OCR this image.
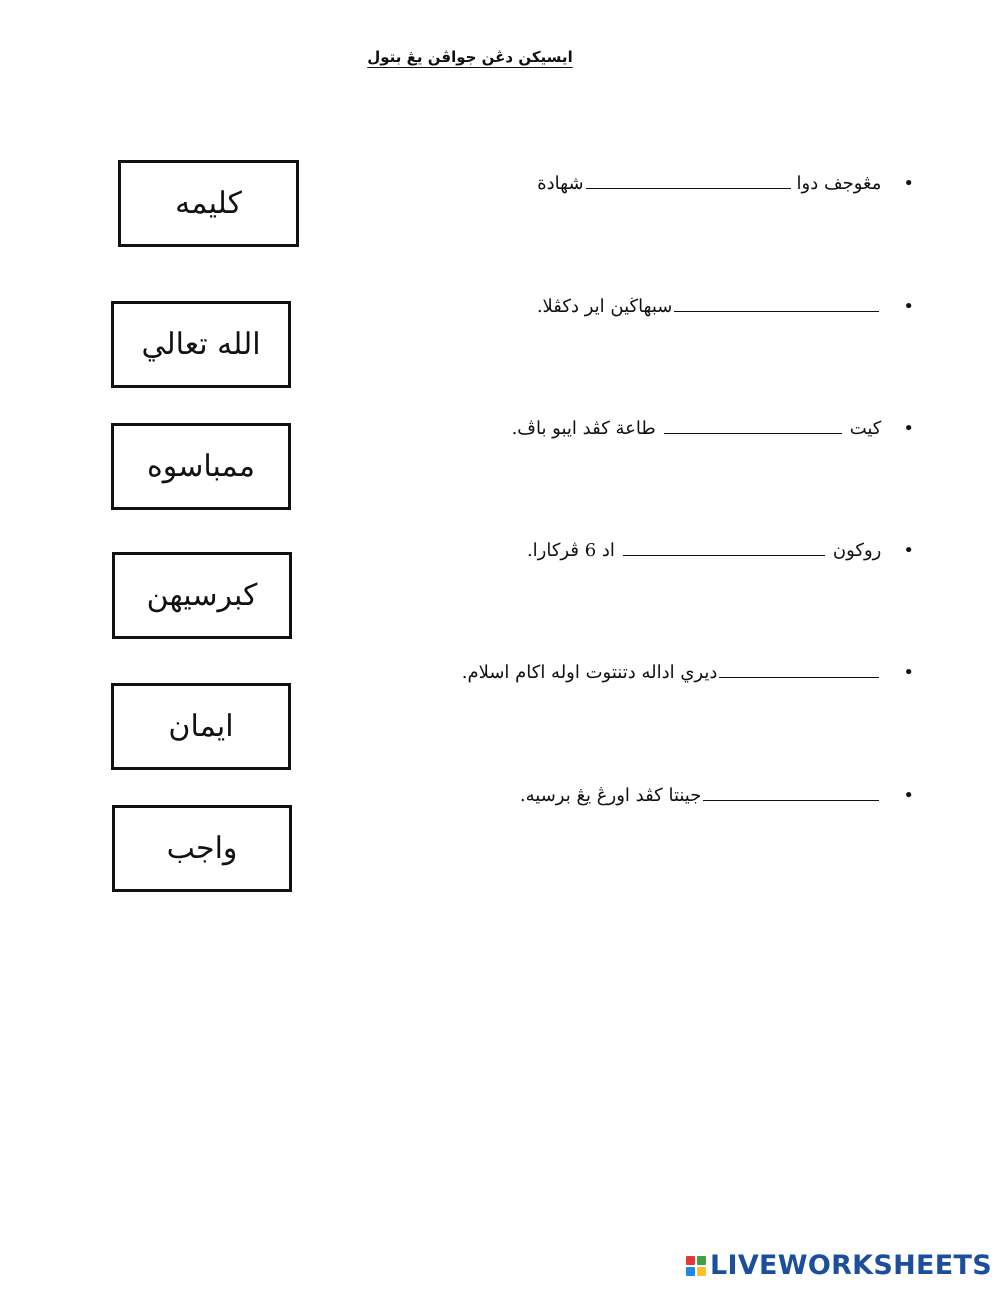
ايسيكن دڠن جواڤن يڠ بتول
كليمه
الله تعالي
ممباسوه
كبرسيهن
ايمان
واجب
•
مڠوجف دوا
شهادة
•
سبهاڬين اير دكڤلا.
•
كيت
طاعة كڤد ايبو باڤ.
•
روكون
اد 6 ڤركارا.
•
ديري اداله دتنتوت اوله اكام اسلام.
•
جينتا كڤد اورڠ يڠ برسيه.
LIVEWORKSHEETS
